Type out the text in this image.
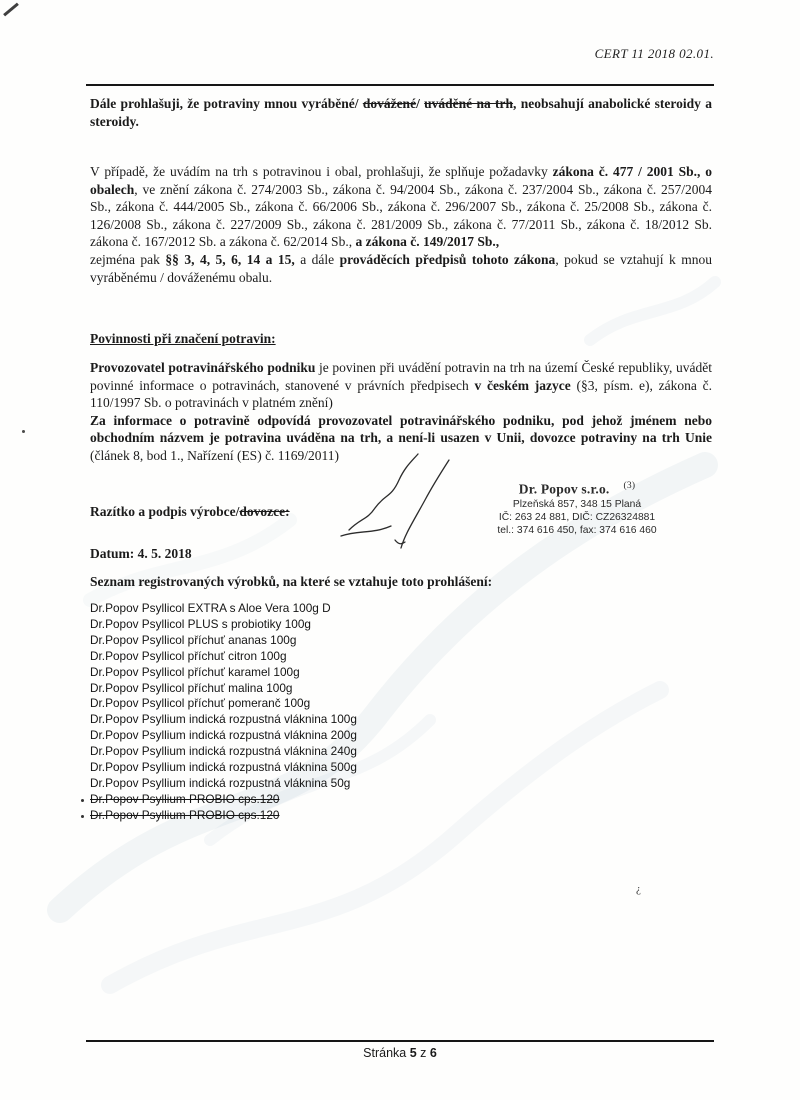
¿
CERT 11 2018 02.01.
Dále prohlašuji, že potraviny mnou vyráběné/ dovážené/ uváděné na trh, neobsahují anabolické steroidy a steroidy.
V případě, že uvádím na trh s potravinou i obal, prohlašuji, že splňuje požadavky zákona č. 477 / 2001 Sb., o obalech, ve znění zákona č. 274/2003 Sb., zákona č. 94/2004 Sb., zákona č. 237/2004 Sb., zákona č. 257/2004 Sb., zákona č. 444/2005 Sb., zákona č. 66/2006 Sb., zákona č. 296/2007 Sb., zákona č. 25/2008 Sb., zákona č. 126/2008 Sb., zákona č. 227/2009 Sb., zákona č. 281/2009 Sb., zákona č. 77/2011 Sb., zákona č. 18/2012 Sb. zákona č. 167/2012 Sb. a zákona č. 62/2014 Sb., a zákona č. 149/2017 Sb.,
zejména pak §§ 3, 4, 5, 6, 14 a 15, a dále prováděcích předpisů tohoto zákona, pokud se vztahují k mnou vyráběnému / dováženému obalu.
Povinnosti při značení potravin:
Provozovatel potravinářského podniku je povinen při uvádění potravin na trh na území České republiky, uvádět povinné informace o potravinách, stanovené v právních předpisech v českém jazyce (§3, písm. e), zákona č. 110/1997 Sb. o potravinách v platném znění)
Za informace o potravině odpovídá provozovatel potravinářského podniku, pod jehož jménem nebo obchodním názvem je potravina uváděna na trh, a není-li usazen v Unii, dovozce potraviny na trh Unie (článek 8, bod 1., Nařízení (ES) č. 1169/2011)
Razítko a podpis výrobce/dovozce:
Dr. Popov s.r.o. $^{(3)}$
Plzeňská 857, 348 15 Planá
IČ: 263 24 881, DIČ: CZ26324881
tel.: 374 616 450, fax: 374 616 460
Datum: 4. 5. 2018
Seznam registrovaných výrobků, na které se vztahuje toto prohlášení:
Dr.Popov Psyllicol EXTRA s Aloe Vera 100g D
Dr.Popov Psyllicol PLUS s probiotiky 100g
Dr.Popov Psyllicol příchuť ananas 100g
Dr.Popov Psyllicol příchuť citron 100g
Dr.Popov Psyllicol příchuť karamel 100g
Dr.Popov Psyllicol příchuť malina 100g
Dr.Popov Psyllicol příchuť pomeranč 100g
Dr.Popov Psyllium indická rozpustná vláknina 100g
Dr.Popov Psyllium indická rozpustná vláknina 200g
Dr.Popov Psyllium indická rozpustná vláknina 240g
Dr.Popov Psyllium indická rozpustná vláknina 500g
Dr.Popov Psyllium indická rozpustná vláknina 50g
Dr.Popov Psyllium PROBIO cps.120
Dr.Popov Psyllium PROBIO cps.120
Stránka 5 z 6
